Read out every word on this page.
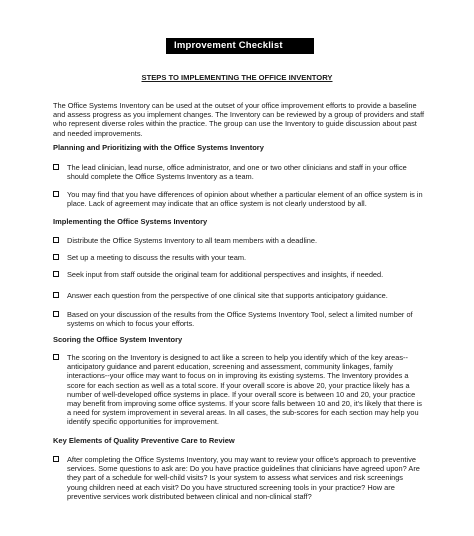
Improvement Checklist
STEPS TO IMPLEMENTING THE OFFICE INVENTORY
The Office Systems Inventory can be used at the outset of your office improvement efforts to provide a baseline and assess progress as you implement changes. The Inventory can be reviewed by a group of providers and staff who represent diverse roles within the practice. The group can use the Inventory to guide discussion about past and needed improvements.
Planning and Prioritizing with the Office Systems Inventory
The lead clinician, lead nurse, office administrator, and one or two other clinicians and staff in your office should complete the Office Systems Inventory as a team.
You may find that you have differences of opinion about whether a particular element of an office system is in place. Lack of agreement may indicate that an office system is not clearly understood by all.
Implementing the Office Systems Inventory
Distribute the Office Systems Inventory to all team members with a deadline.
Set up a meeting to discuss the results with your team.
Seek input from staff outside the original team for additional perspectives and insights, if needed.
Answer each question from the perspective of one clinical site that supports anticipatory guidance.
Based on your discussion of the results from the Office Systems Inventory Tool, select a limited number of systems on which to focus your efforts.
Scoring the Office System Inventory
The scoring on the Inventory is designed to act like a screen to help you identify which of the key areas--anticipatory guidance and parent education, screening and assessment, community linkages, family interactions--your office may want to focus on in improving its existing systems. The Inventory provides a score for each section as well as a total score. If your overall score is above 20, your practice likely has a number of well-developed office systems in place. If your overall score is between 10 and 20, your practice may benefit from improving some office systems. If your score falls between 10 and 20, it's likely that there is a need for system improvement in several areas. In all cases, the sub-scores for each section may help you identify specific opportunities for improvement.
Key Elements of Quality Preventive Care to Review
After completing the Office Systems Inventory, you may want to review your office's approach to preventive services. Some questions to ask are: Do you have practice guidelines that clinicians have agreed upon? Are they part of a schedule for well-child visits? Is your system to assess what services and risk screenings young children need at each visit? Do you have structured screening tools in your practice? How are preventive services work distributed between clinical and non-clinical staff?
